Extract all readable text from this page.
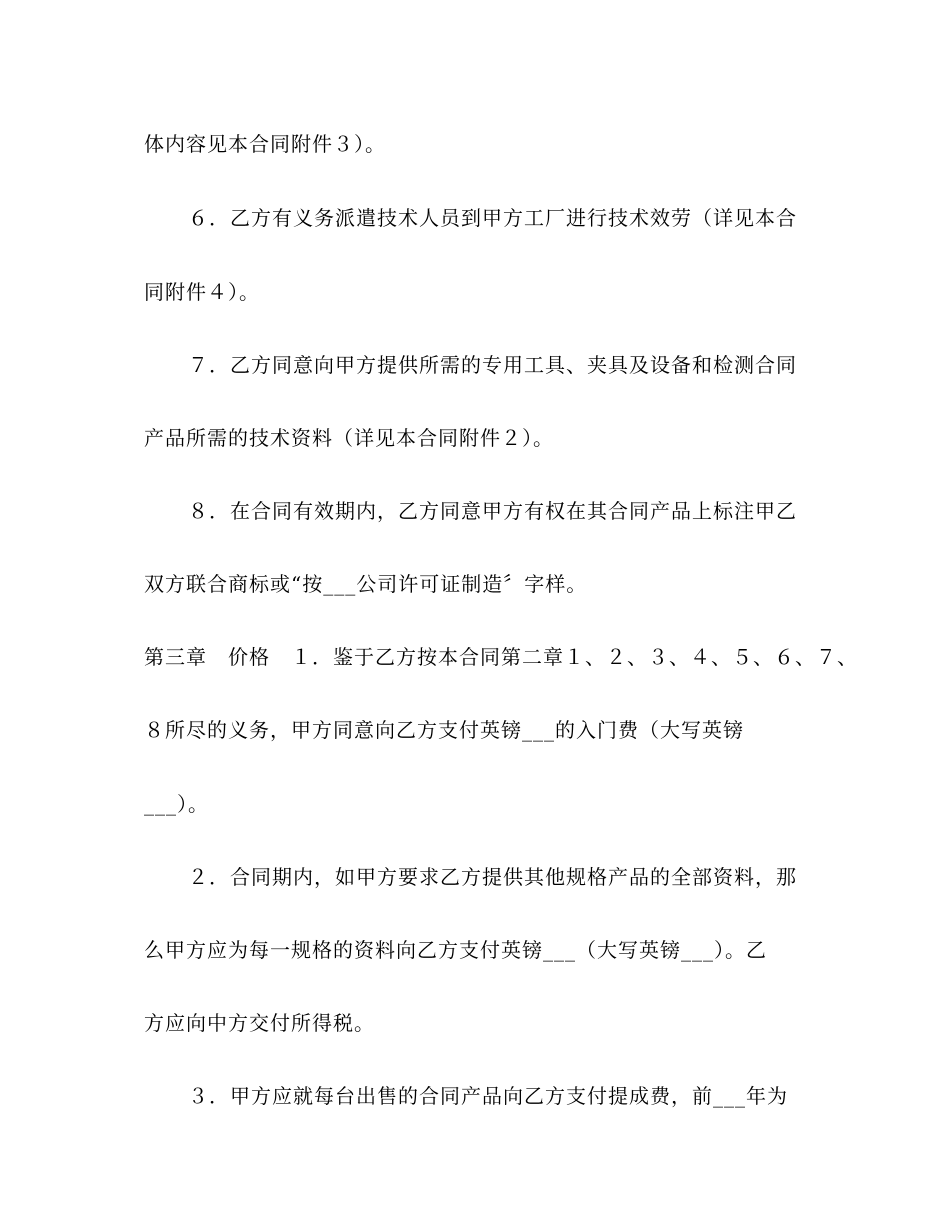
体内容见本合同附件３）。
６．乙方有义务派遣技术人员到甲方工厂进行技术效劳（详见本合
同附件４）。
７．乙方同意向甲方提供所需的专用工具、夹具及设备和检测合同
产品所需的技术资料（详见本合同附件２）。
８．在合同有效期内，乙方同意甲方有权在其合同产品上标注甲乙
双方联合商标或“按___公司许可证制造〞字样。
第三章　价格　１．鉴于乙方按本合同第二章１、２、３、４、５、６、７、
８所尽的义务，甲方同意向乙方支付英镑___的入门费（大写英镑
___）。
２．合同期内，如甲方要求乙方提供其他规格产品的全部资料，那
么甲方应为每一规格的资料向乙方支付英镑___（大写英镑___）。乙
方应向中方交付所得税。
３．甲方应就每台出售的合同产品向乙方支付提成费，前___年为
